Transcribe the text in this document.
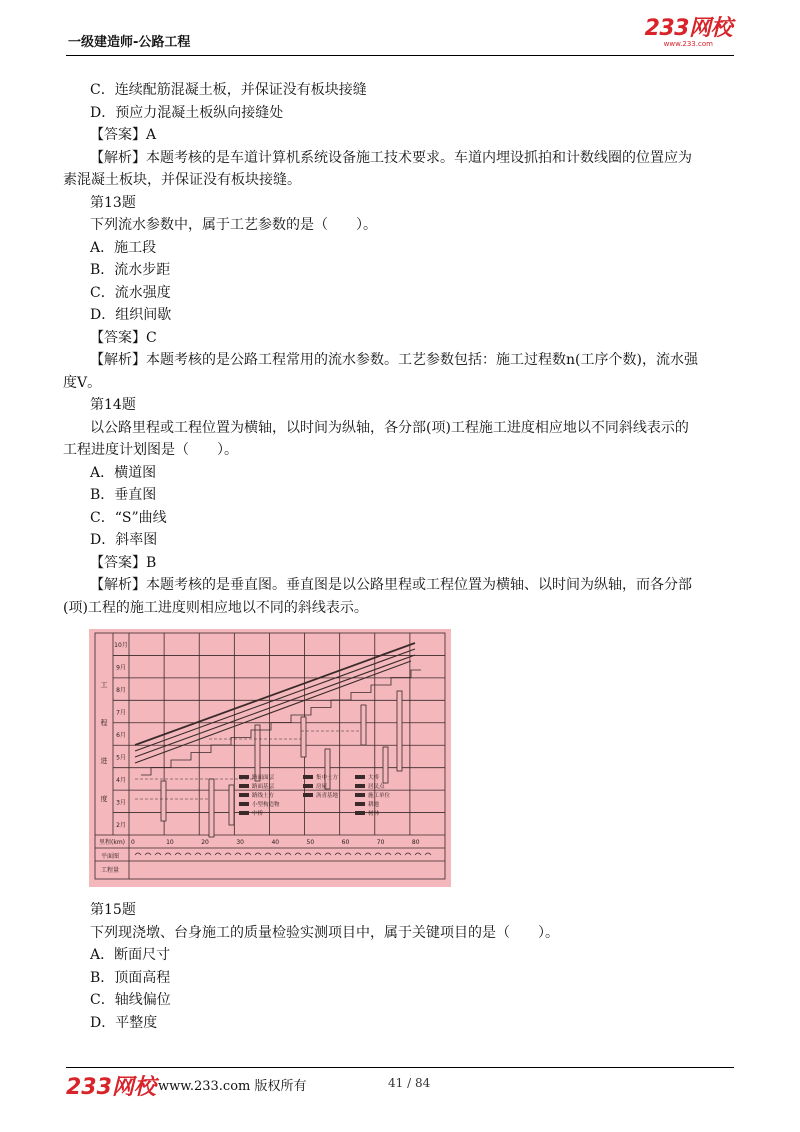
一级建造师-公路工程
233网校
www.233.com
C．连续配筋混凝土板，并保证没有板块接缝
D．预应力混凝土板纵向接缝处
【答案】A
【解析】本题考核的是车道计算机系统设备施工技术要求。车道内埋设抓拍和计数线圈的位置应为
素混凝土板块，并保证没有板块接缝。
第13题
下列流水参数中，属于工艺参数的是（　　）。
A．施工段
B．流水步距
C．流水强度
D．组织间歇
【答案】C
【解析】本题考核的是公路工程常用的流水参数。工艺参数包括：施工过程数n(工序个数)，流水强
度V。
第14题
以公路里程或工程位置为横轴，以时间为纵轴，各分部(项)工程施工进度相应地以不同斜线表示的
工程进度计划图是（　　）。
A．横道图
B．垂直图
C．“S”曲线
D．斜率图
【答案】B
【解析】本题考核的是垂直图。垂直图是以公路里程或工程位置为横轴、以时间为纵轴，而各分部
(项)工程的施工进度则相应地以不同的斜线表示。
工
程
进
度
10月
9月
8月
7月
6月
5月
4月
3月
2月
里程(km) 0	10	20	30	40	50	60	70	80
平面图
工程量
路面面层
路面基层
路线土方
小型构造物
中桥
集中土方
房屋
沥青基地
大桥
居民点
施工单位
耕地
树林
第15题
下列现浇墩、台身施工的质量检验实测项目中，属于关键项目的是（　　）。
A．断面尺寸
B．顶面高程
C．轴线偏位
D．平整度
233网校 www.233.com 版权所有	41 / 84
